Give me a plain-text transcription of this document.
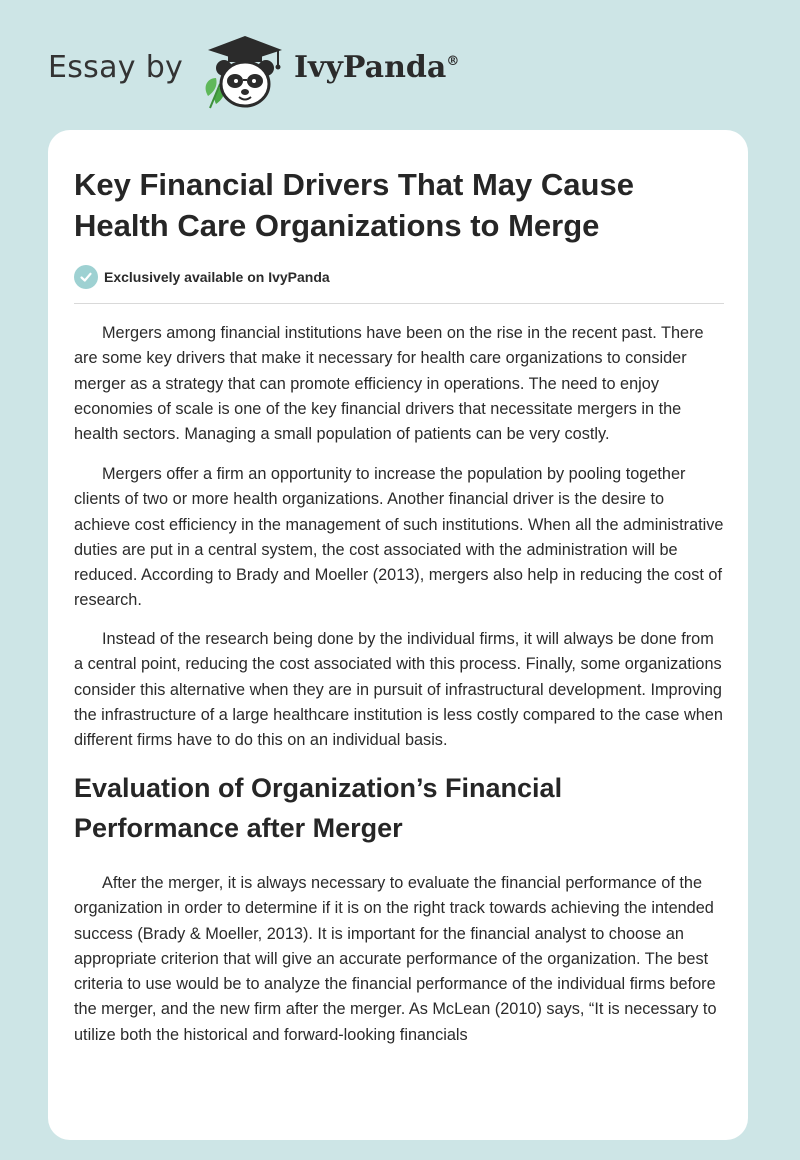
Essay by	IvyPanda®
Key Financial Drivers That May Cause Health Care Organizations to Merge
Exclusively available on IvyPanda

Mergers among financial institutions have been on the rise in the recent past. There are some key drivers that make it necessary for health care organizations to consider merger as a strategy that can promote efficiency in operations. The need to enjoy economies of scale is one of the key financial drivers that necessitate mergers in the health sectors. Managing a small population of patients can be very costly.

Mergers offer a firm an opportunity to increase the population by pooling together clients of two or more health organizations. Another financial driver is the desire to achieve cost efficiency in the management of such institutions. When all the administrative duties are put in a central system, the cost associated with the administration will be reduced. According to Brady and Moeller (2013), mergers also help in reducing the cost of research.

Instead of the research being done by the individual firms, it will always be done from a central point, reducing the cost associated with this process. Finally, some organizations consider this alternative when they are in pursuit of infrastructural development. Improving the infrastructure of a large healthcare institution is less costly compared to the case when different firms have to do this on an individual basis.

Evaluation of Organization’s Financial Performance after Merger

After the merger, it is always necessary to evaluate the financial performance of the organization in order to determine if it is on the right track towards achieving the intended success (Brady & Moeller, 2013). It is important for the financial analyst to choose an appropriate criterion that will give an accurate performance of the organization. The best criteria to use would be to analyze the financial performance of the individual firms before the merger, and the new firm after the merger. As McLean (2010) says, “It is necessary to utilize both the historical and forward-looking financials
